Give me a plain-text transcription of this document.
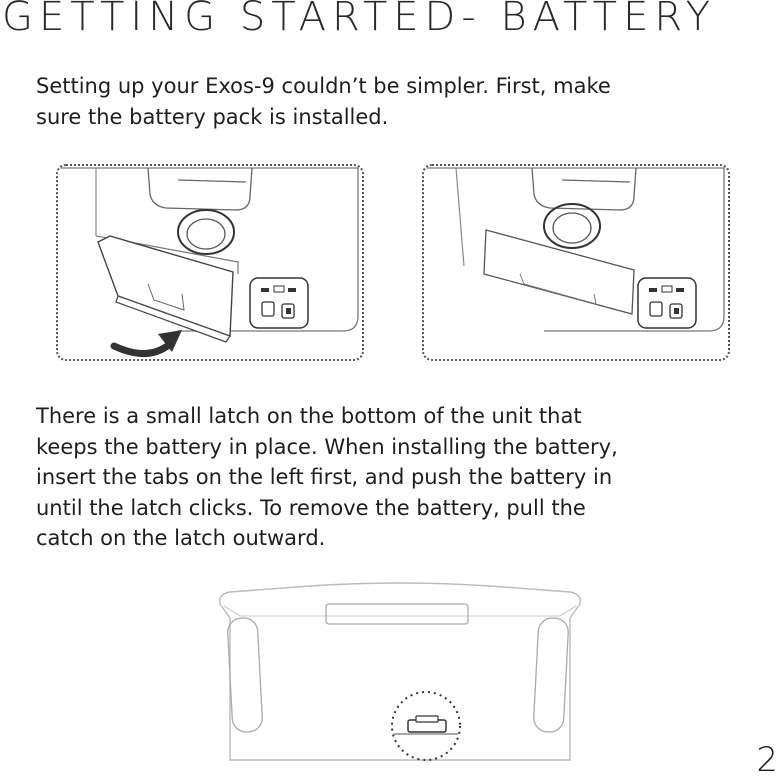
GETTING STARTED- BATTERY

Setting up your Exos-9 couldn’t be simpler. First, make
sure the battery pack is installed.

There is a small latch on the bottom of the unit that
keeps the battery in place. When installing the battery,
insert the tabs on the left first, and push the battery in
until the latch clicks. To remove the battery, pull the
catch on the latch outward.

2
